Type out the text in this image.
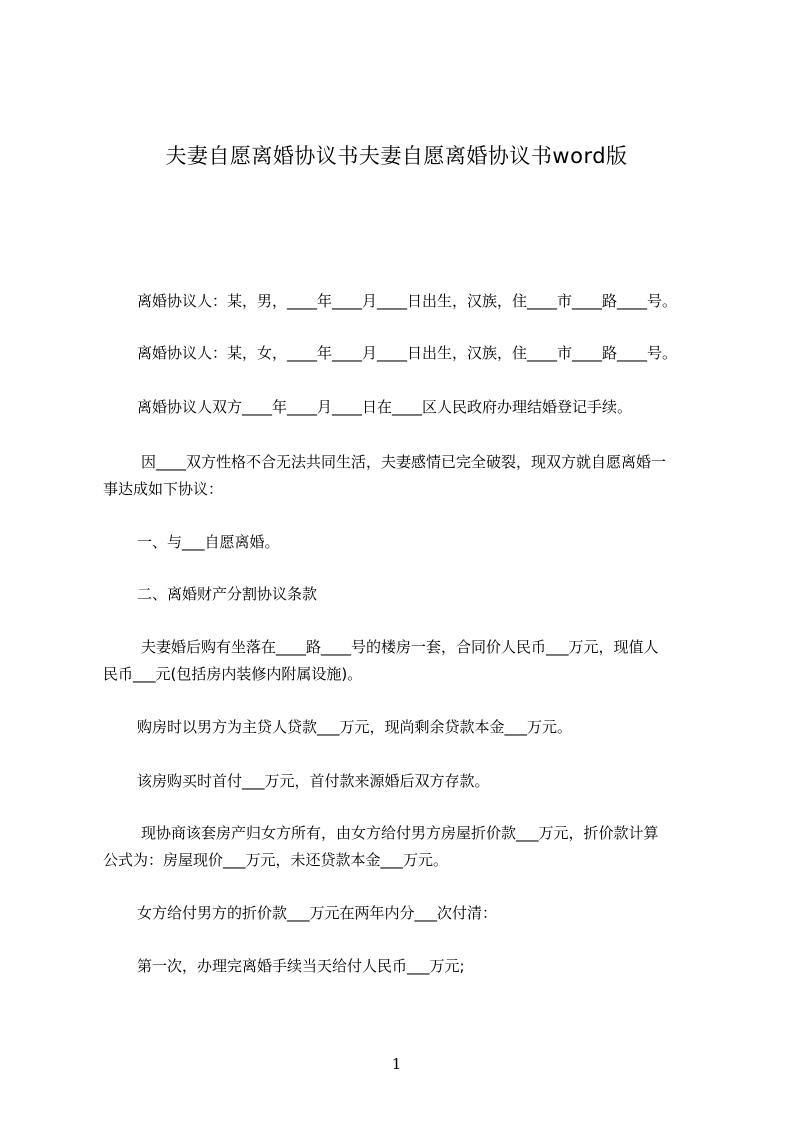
夫妻自愿离婚协议书夫妻自愿离婚协议书word版
离婚协议人：某，男，____年____月____日出生，汉族，住____市____路____号。
离婚协议人：某，女，____年____月____日出生，汉族，住____市____路____号。
离婚协议人双方____年____月____日在____区人民政府办理结婚登记手续。
因____双方性格不合无法共同生活，夫妻感情已完全破裂，现双方就自愿离婚一
事达成如下协议：
一、与___自愿离婚。
二、离婚财产分割协议条款
夫妻婚后购有坐落在____路____号的楼房一套，合同价人民币___万元，现值人
民币___元(包括房内装修内附属设施)。
购房时以男方为主贷人贷款___万元，现尚剩余贷款本金___万元。
该房购买时首付___万元，首付款来源婚后双方存款。
现协商该套房产归女方所有，由女方给付男方房屋折价款___万元，折价款计算
公式为：房屋现价___万元，未还贷款本金___万元。
女方给付男方的折价款___万元在两年内分___次付清：
第一次，办理完离婚手续当天给付人民币___万元;
1
